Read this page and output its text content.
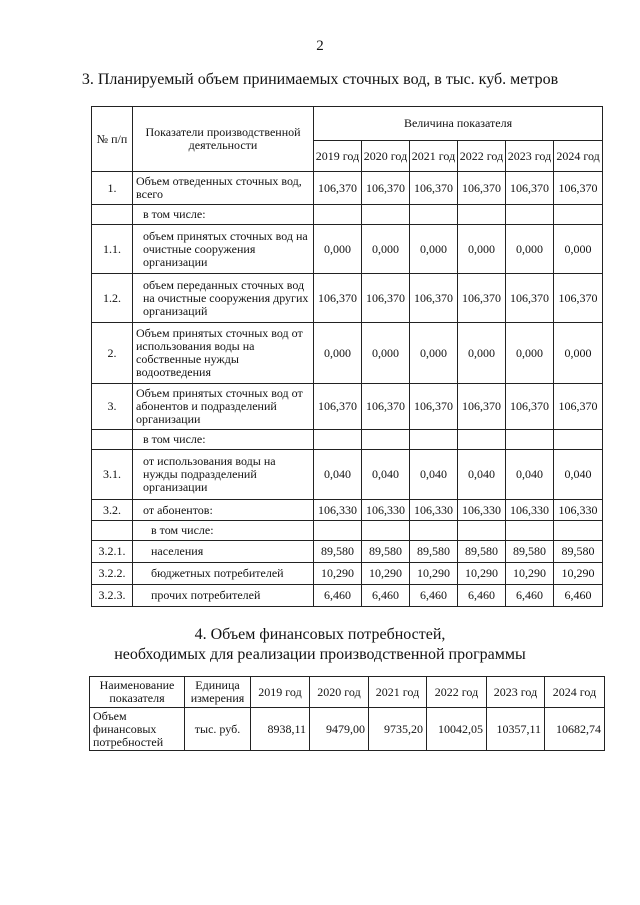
2
3. Планируемый объем принимаемых сточных вод, в тыс. куб. метров
№ п/п	Показатели производственной деятельности	Величина показателя					
		2019 год	2020 год	2021 год	2022 год	2023 год	2024 год
1.	Объем отведенных сточных вод, всего	106,370	106,370	106,370	106,370	106,370	106,370
	в том числе:						
1.1.	объем принятых сточных вод на очистные сооружения организации	0,000	0,000	0,000	0,000	0,000	0,000
1.2.	объем переданных сточных вод на очистные сооружения других организаций	106,370	106,370	106,370	106,370	106,370	106,370
2.	Объем принятых сточных вод от использования воды на собственные нужды водоотведения	0,000	0,000	0,000	0,000	0,000	0,000
3.	Объем принятых сточных вод от абонентов и подразделений организации	106,370	106,370	106,370	106,370	106,370	106,370
	в том числе:						
3.1.	от использования воды на нужды подразделений организации	0,040	0,040	0,040	0,040	0,040	0,040
3.2.	от абонентов:	106,330	106,330	106,330	106,330	106,330	106,330
	в том числе:						
3.2.1.	населения	89,580	89,580	89,580	89,580	89,580	89,580
3.2.2.	бюджетных потребителей	10,290	10,290	10,290	10,290	10,290	10,290
3.2.3.	прочих потребителей	6,460	6,460	6,460	6,460	6,460	6,460
4. Объем финансовых потребностей,
необходимых для реализации производственной программы
Наименование показателя	Единица измерения	2019 год	2020 год	2021 год	2022 год	2023 год	2024 год
Объем финансовых потребностей	тыс. руб.	8938,11	9479,00	9735,20	10042,05	10357,11	10682,74
